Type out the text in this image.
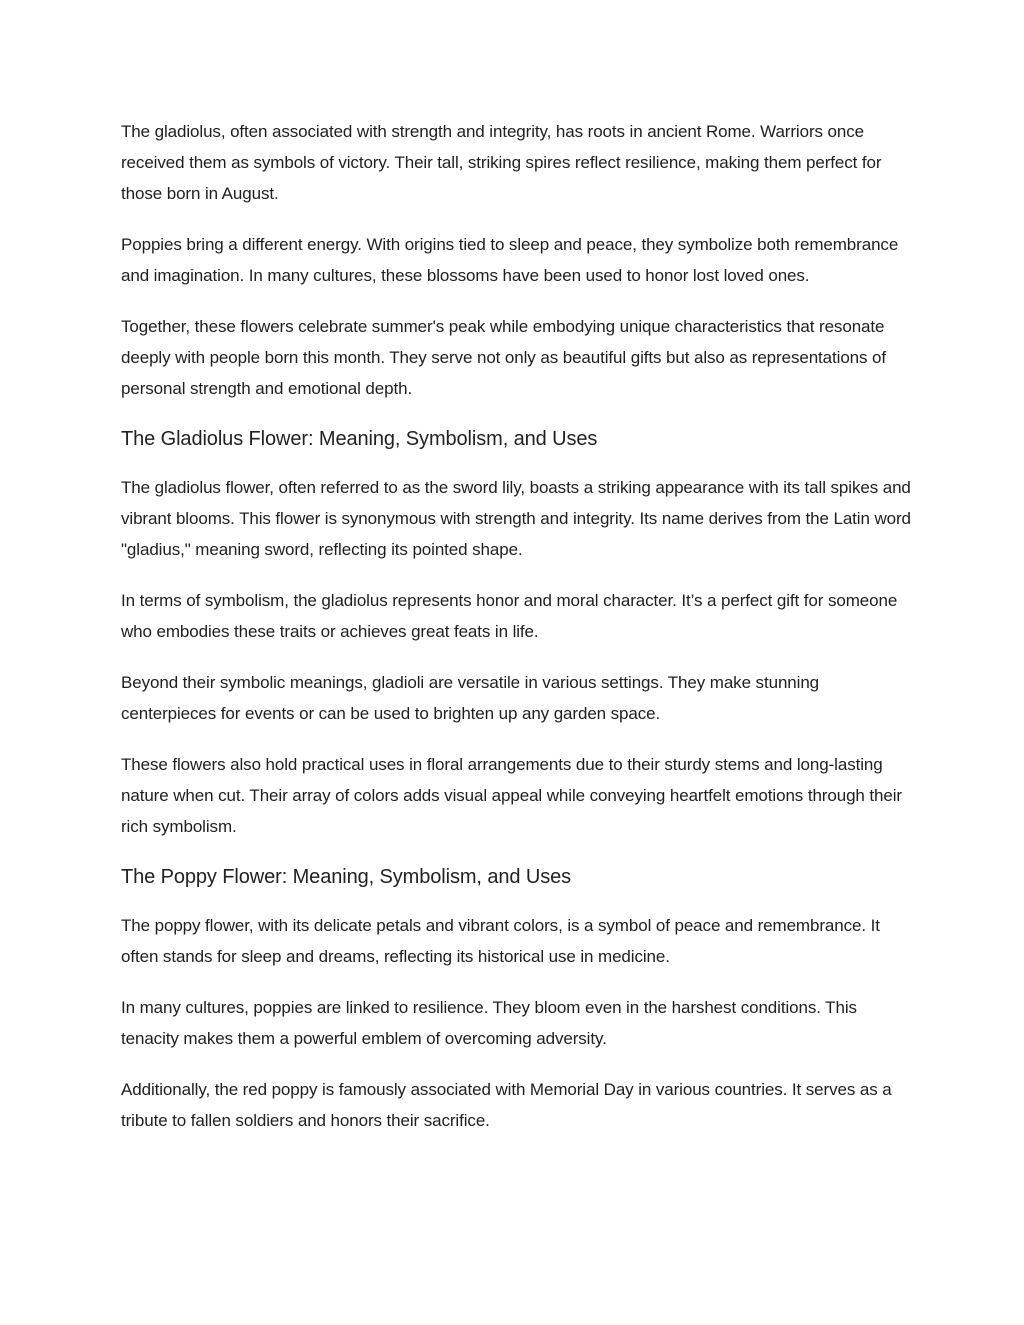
The gladiolus, often associated with strength and integrity, has roots in ancient Rome. Warriors once received them as symbols of victory. Their tall, striking spires reflect resilience, making them perfect for those born in August.

Poppies bring a different energy. With origins tied to sleep and peace, they symbolize both remembrance and imagination. In many cultures, these blossoms have been used to honor lost loved ones.

Together, these flowers celebrate summer's peak while embodying unique characteristics that resonate deeply with people born this month. They serve not only as beautiful gifts but also as representations of personal strength and emotional depth.

The Gladiolus Flower: Meaning, Symbolism, and Uses

The gladiolus flower, often referred to as the sword lily, boasts a striking appearance with its tall spikes and vibrant blooms. This flower is synonymous with strength and integrity. Its name derives from the Latin word "gladius," meaning sword, reflecting its pointed shape.

In terms of symbolism, the gladiolus represents honor and moral character. It’s a perfect gift for someone who embodies these traits or achieves great feats in life.

Beyond their symbolic meanings, gladioli are versatile in various settings. They make stunning centerpieces for events or can be used to brighten up any garden space.

These flowers also hold practical uses in floral arrangements due to their sturdy stems and long-lasting nature when cut. Their array of colors adds visual appeal while conveying heartfelt emotions through their rich symbolism.

The Poppy Flower: Meaning, Symbolism, and Uses

The poppy flower, with its delicate petals and vibrant colors, is a symbol of peace and remembrance. It often stands for sleep and dreams, reflecting its historical use in medicine.

In many cultures, poppies are linked to resilience. They bloom even in the harshest conditions. This tenacity makes them a powerful emblem of overcoming adversity.

Additionally, the red poppy is famously associated with Memorial Day in various countries. It serves as a tribute to fallen soldiers and honors their sacrifice.
